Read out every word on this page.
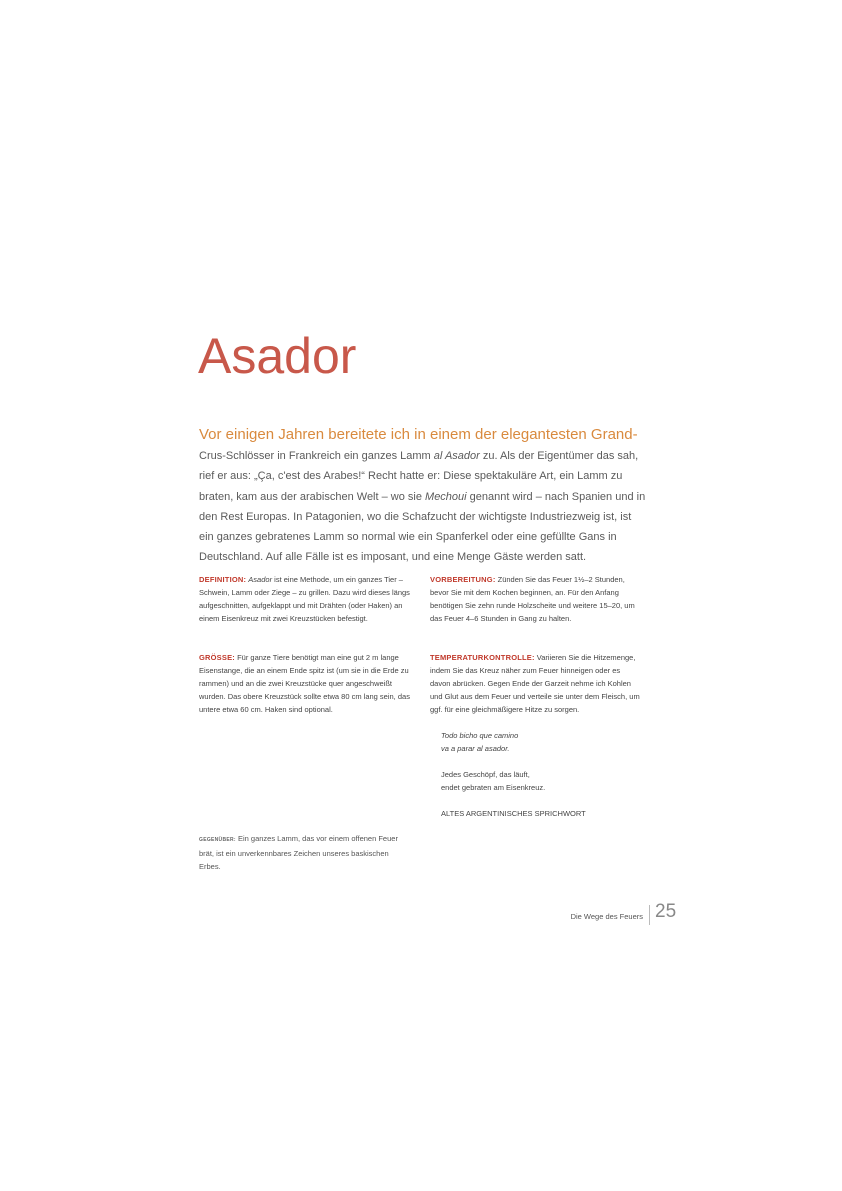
Asador

Vor einigen Jahren bereitete ich in einem der elegantesten Grand-
Crus-Schlösser in Frankreich ein ganzes Lamm al Asador zu. Als der Eigentümer das sah, rief er aus: „Ça, c'est des Arabes!“ Recht hatte er: Diese spektakuläre Art, ein Lamm zu braten, kam aus der arabischen Welt – wo sie Mechoui genannt wird – nach Spanien und in den Rest Europas. In Patagonien, wo die Schafzucht der wichtigste Industriezweig ist, ist ein ganzes gebratenes Lamm so normal wie ein Spanferkel oder eine gefüllte Gans in Deutschland. Auf alle Fälle ist es imposant, und eine Menge Gäste werden satt.

DEFINITION: Asador ist eine Methode, um ein ganzes Tier – Schwein, Lamm oder Ziege – zu grillen. Dazu wird dieses längs aufgeschnitten, aufgeklappt und mit Drähten (oder Haken) an einem Eisenkreuz mit zwei Kreuzstücken befestigt.

GRÖSSE: Für ganze Tiere benötigt man eine gut 2 m lange Eisenstange, die an einem Ende spitz ist (um sie in die Erde zu rammen) und an die zwei Kreuzstücke quer angeschweißt wurden. Das obere Kreuzstück sollte etwa 80 cm lang sein, das untere etwa 60 cm. Haken sind optional.

VORBEREITUNG: Zünden Sie das Feuer 1½–2 Stunden, bevor Sie mit dem Kochen beginnen, an. Für den Anfang benötigen Sie zehn runde Holzscheite und weitere 15–20, um das Feuer 4–6 Stunden in Gang zu halten.

TEMPERATURKONTROLLE: Variieren Sie die Hitzemenge, indem Sie das Kreuz näher zum Feuer hinneigen oder es davon abrücken. Gegen Ende der Garzeit nehme ich Kohlen und Glut aus dem Feuer und verteile sie unter dem Fleisch, um ggf. für eine gleichmäßigere Hitze zu sorgen.

Todo bicho que camino

va a parar al asador.

Jedes Geschöpf, das läuft,

endet gebraten am Eisenkreuz.

ALTES ARGENTINISCHES SPRICHWORT

GEGENÜBER: Ein ganzes Lamm, das vor einem offenen Feuer brät, ist ein unverkennbares Zeichen unseres baskischen Erbes.

Die Wege des Feuers 25
